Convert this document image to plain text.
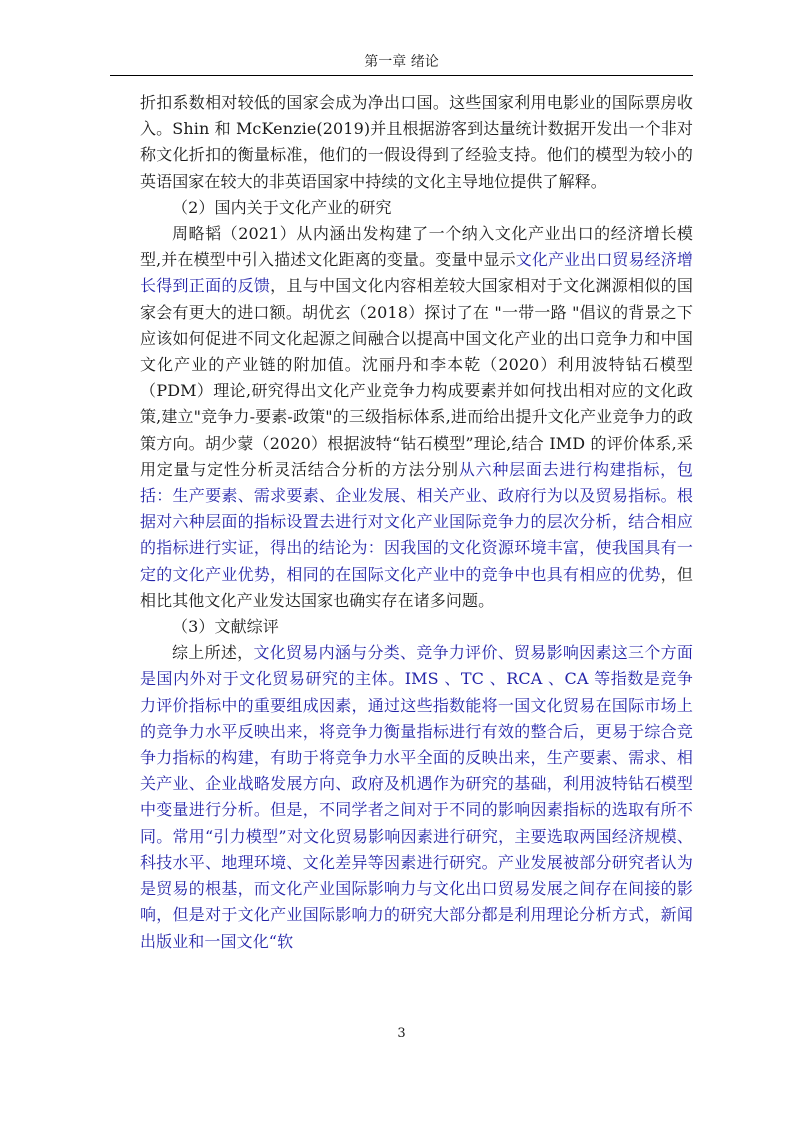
第一章 绪论

折扣系数相对较低的国家会成为净出口国。这些国家利用电影业的国际票房收入。Shin 和 McKenzie(2019)并且根据游客到达量统计数据开发出一个非对称文化折扣的衡量标准，他们的一假设得到了经验支持。他们的模型为较小的英语国家在较大的非英语国家中持续的文化主导地位提供了解释。

（2）国内关于文化产业的研究

周略韬（2021）从内涵出发构建了一个纳入文化产业出口的经济增长模型,并在模型中引入描述文化距离的变量。变量中显示文化产业出口贸易经济增长得到正面的反馈，且与中国文化内容相差较大国家相对于文化渊源相似的国家会有更大的进口额。胡优玄（2018）探讨了在 "一带一路 "倡议的背景之下应该如何促进不同文化起源之间融合以提高中国文化产业的出口竞争力和中国文化产业的产业链的附加值。沈丽丹和李本乾（2020）利用波特钻石模型（PDM）理论,研究得出文化产业竞争力构成要素并如何找出相对应的文化政策,建立"竞争力-要素-政策"的三级指标体系,进而给出提升文化产业竞争力的政策方向。胡少蒙（2020）根据波特“钻石模型”理论,结合 IMD 的评价体系,采用定量与定性分析灵活结合分析的方法分别从六种层面去进行构建指标，包括：生产要素、需求要素、企业发展、相关产业、政府行为以及贸易指标。根据对六种层面的指标设置去进行对文化产业国际竞争力的层次分析，结合相应的指标进行实证，得出的结论为：因我国的文化资源环境丰富，使我国具有一定的文化产业优势，相同的在国际文化产业中的竞争中也具有相应的优势，但相比其他文化产业发达国家也确实存在诸多问题。

（3）文献综评

综上所述，文化贸易内涵与分类、竞争力评价、贸易影响因素这三个方面是国内外对于文化贸易研究的主体。IMS 、TC 、RCA 、CA 等指数是竞争力评价指标中的重要组成因素，通过这些指数能将一国文化贸易在国际市场上的竞争力水平反映出来，将竞争力衡量指标进行有效的整合后，更易于综合竞争力指标的构建，有助于将竞争力水平全面的反映出来，生产要素、需求、相关产业、企业战略发展方向、政府及机遇作为研究的基础，利用波特钻石模型中变量进行分析。但是，不同学者之间对于不同的影响因素指标的选取有所不同。常用“引力模型”对文化贸易影响因素进行研究，主要选取两国经济规模、科技水平、地理环境、文化差异等因素进行研究。产业发展被部分研究者认为是贸易的根基，而文化产业国际影响力与文化出口贸易发展之间存在间接的影响，但是对于文化产业国际影响力的研究大部分都是利用理论分析方式，新闻出版业和一国文化“软

3
